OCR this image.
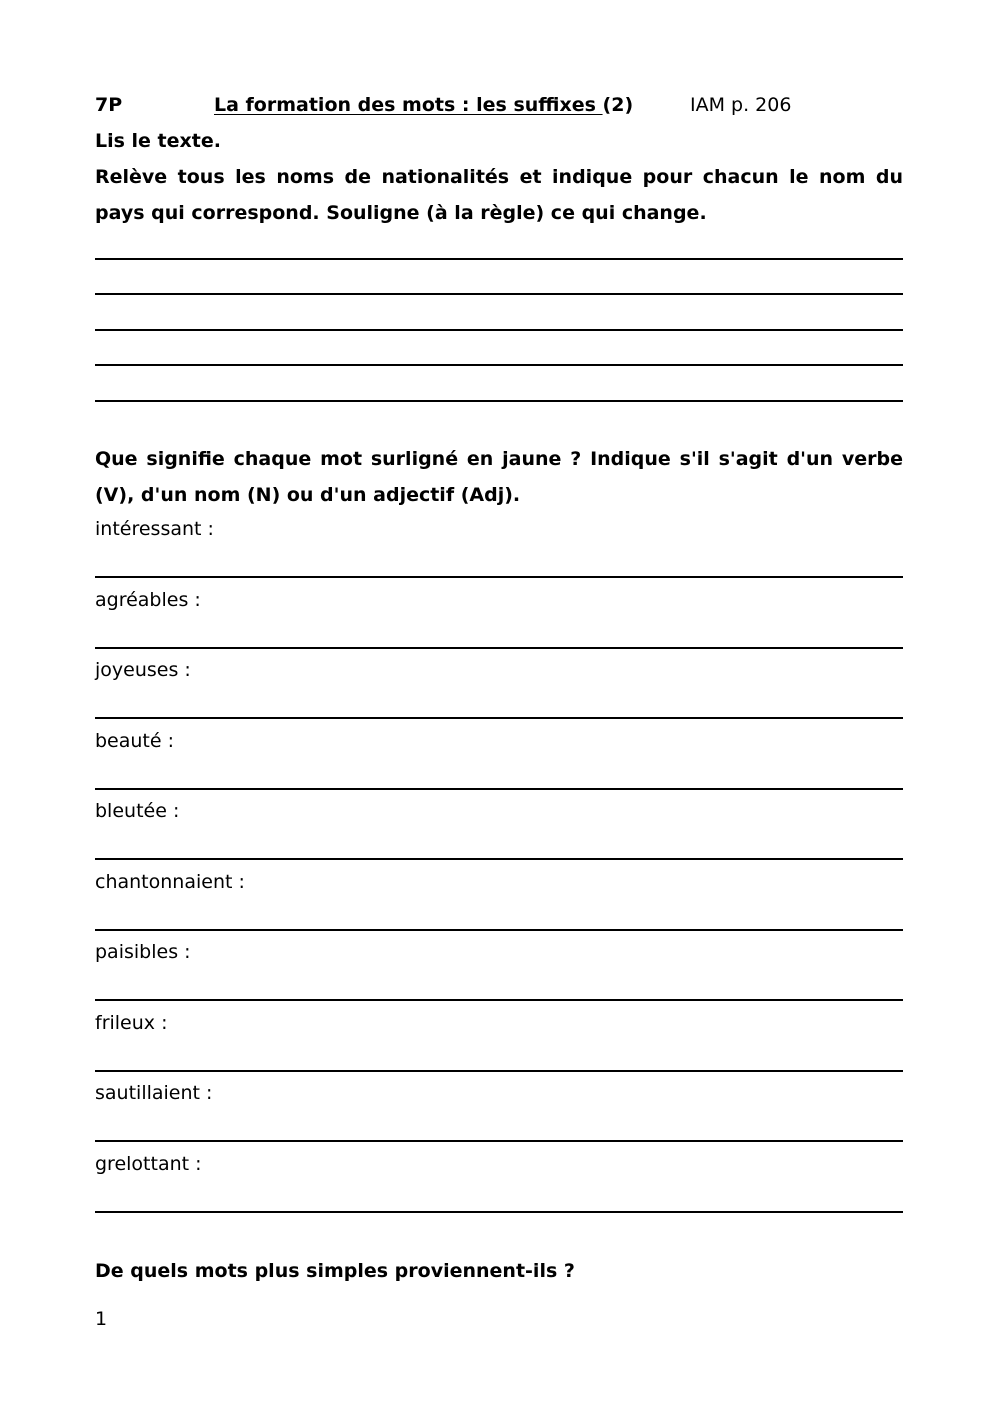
7P	La formation des mots : les suffixes (2)	IAM p. 206
Lis le texte.
Relève tous les noms de nationalités et indique pour chacun le nom du pays qui correspond. Souligne (à la règle) ce qui change.
Que signifie chaque mot surligné en jaune ? Indique s'il s'agit d'un verbe (V), d'un nom (N) ou d'un adjectif (Adj).
intéressant :
agréables :
joyeuses :
beauté :
bleutée :
chantonnaient :
paisibles :
frileux :
sautillaient :
grelottant :
De quels mots plus simples proviennent-ils ?
1
